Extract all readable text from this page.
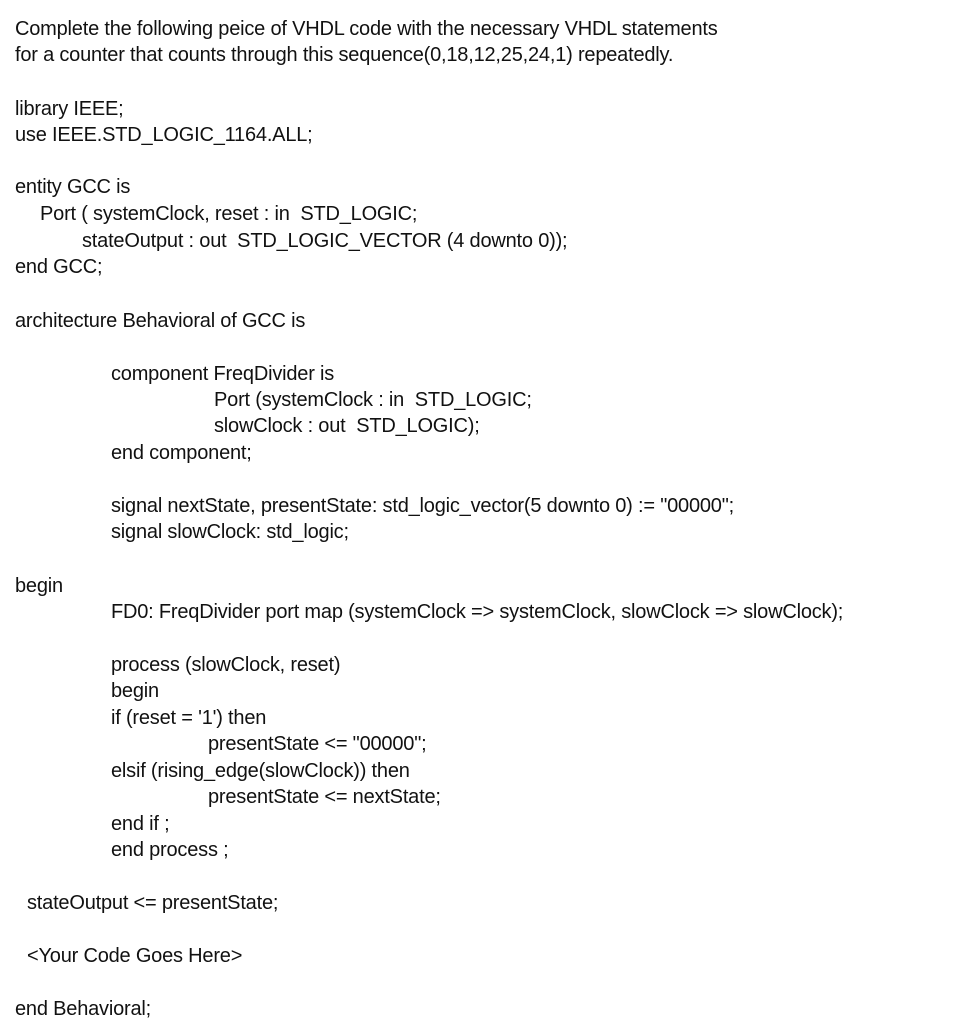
Complete the following peice of VHDL code with the necessary VHDL statements
for a counter that counts through this sequence(0,18,12,25,24,1) repeatedly.
library IEEE;
use IEEE.STD_LOGIC_1164.ALL;
entity GCC is
Port ( systemClock, reset : in  STD_LOGIC;
stateOutput : out  STD_LOGIC_VECTOR (4 downto 0));
end GCC;
architecture Behavioral of GCC is
component FreqDivider is
Port (systemClock : in  STD_LOGIC;
slowClock : out  STD_LOGIC);
end component;
signal nextState, presentState: std_logic_vector(5 downto 0) := "00000";
signal slowClock: std_logic;
begin
FD0: FreqDivider port map (systemClock => systemClock, slowClock => slowClock);
process (slowClock, reset)
begin
if (reset = '1') then
presentState <= "00000";
elsif (rising_edge(slowClock)) then
presentState <= nextState;
end if ;
end process ;
stateOutput <= presentState;
<Your Code Goes Here>
end Behavioral;
